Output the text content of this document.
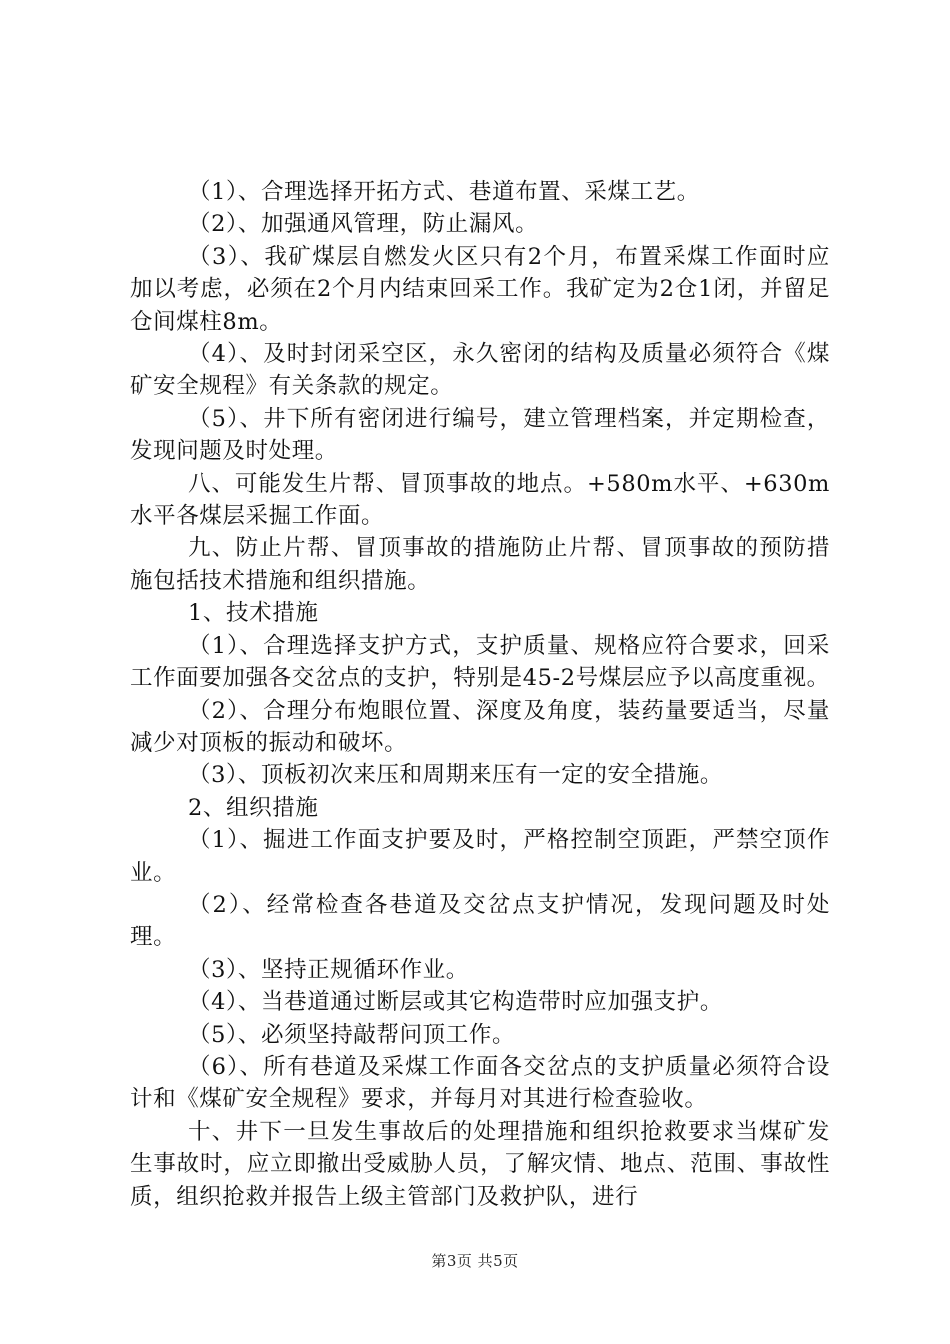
（1）、合理选择开拓方式、巷道布置、采煤工艺。

（2）、加强通风管理，防止漏风。

（3）、我矿煤层自燃发火区只有2个月，布置采煤工作面时应加以考虑，必须在2个月内结束回采工作。我矿定为2仓1闭，并留足仓间煤柱8m。

（4）、及时封闭采空区，永久密闭的结构及质量必须符合《煤矿安全规程》有关条款的规定。

（5）、井下所有密闭进行编号，建立管理档案，并定期检查，发现问题及时处理。

八、可能发生片帮、冒顶事故的地点。+580m水平、+630m水平各煤层采掘工作面。

九、防止片帮、冒顶事故的措施防止片帮、冒顶事故的预防措施包括技术措施和组织措施。

1、技术措施

（1）、合理选择支护方式，支护质量、规格应符合要求，回采工作面要加强各交岔点的支护，特别是45-2号煤层应予以高度重视。

（2）、合理分布炮眼位置、深度及角度，装药量要适当，尽量减少对顶板的振动和破坏。

（3）、顶板初次来压和周期来压有一定的安全措施。

2、组织措施

（1）、掘进工作面支护要及时，严格控制空顶距，严禁空顶作业。

（2）、经常检查各巷道及交岔点支护情况，发现问题及时处理。

（3）、坚持正规循环作业。

（4）、当巷道通过断层或其它构造带时应加强支护。

（5）、必须坚持敲帮问顶工作。

（6）、所有巷道及采煤工作面各交岔点的支护质量必须符合设计和《煤矿安全规程》要求，并每月对其进行检查验收。

十、井下一旦发生事故后的处理措施和组织抢救要求当煤矿发生事故时，应立即撤出受威胁人员，了解灾情、地点、范围、事故性质，组织抢救并报告上级主管部门及救护队，进行

第3页 共5页
